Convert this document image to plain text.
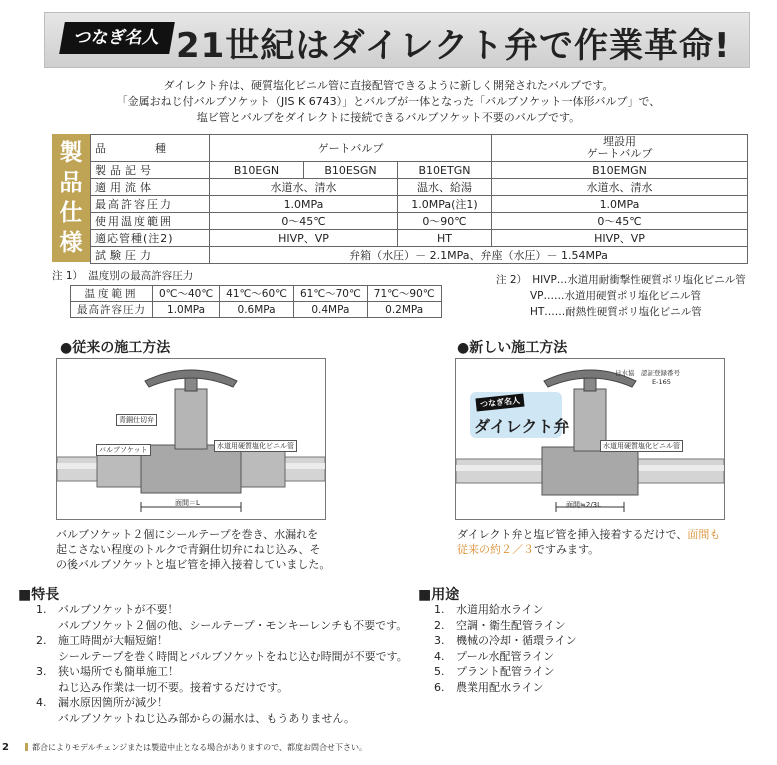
つなぎ名人 21世紀はダイレクト弁で作業革命!
ダイレクト弁は、硬質塩化ビニル管に直接配管できるように新しく開発されたバルブです。
「金属おねじ付バルブソケット（JIS K 6743）」とバルブが一体となった「バルブソケット一体形バルブ」で、
塩ビ管とバルブをダイレクトに接続できるバルブソケット不要のバルブです。
製
品
仕
様
品　　　種	ゲートバルブ			埋設用
ゲートバルブ

製品記号	B10EGN	B10ESGN	B10ETGN	B10EMGN
適用流体	水道水、清水		温水、給湯	水道水、清水
最高許容圧力	1.0MPa		1.0MPa(注1)	1.0MPa
使用温度範囲	0～45℃		0～90℃	0～45℃
適応管種(注2)	HIVP、VP		HT	HIVP、VP
試験圧力	弁箱（水圧）－ 2.1MPa、弁座（水圧）－ 1.54MPa			
注 1）　温度別の最高許容圧力
温度範囲	0℃～40℃	41℃～60℃	61℃～70℃	71℃～90℃
最高許容圧力	1.0MPa	0.6MPa	0.4MPa	0.2MPa
注 2）　HIVP…水道用耐衝撃性硬質ポリ塩化ビニル管
VP……水道用硬質ポリ塩化ビニル管
HT……耐熱性硬質ポリ塩化ビニル管
●従来の施工方法
青銅仕切弁
バルブソケット	水道用硬質塩化ビニル管
面間＝L
バルブソケット２個にシールテープを巻き、水漏れを
起こさない程度のトルクで青銅仕切弁にねじ込み、そ
の後バルブソケットと塩ビ管を挿入接着していました。
●新しい施工方法
日水協　認証登録番号
E-165
つなぎ名人
ダイレクト弁
水道用硬質塩化ビニル管
面間≒2/3L
ダイレクト弁と塩ビ管を挿入接着するだけで、面間も
従来の約２／３ですみます。
■特長
1. バルブソケットが不要！
バルブソケット２個の他、シールテープ・モンキーレンチも不要です。
2. 施工時間が大幅短縮！
シールテープを巻く時間とバルブソケットをねじ込む時間が不要です。
3. 狭い場所でも簡単施工！
ねじ込み作業は一切不要。接着するだけです。
4. 漏水原因箇所が減少！
バルブソケットねじ込み部からの漏水は、もうありません。
■用途
1. 水道用給水ライン
2. 空調・衛生配管ライン
3. 機械の冷却・循環ライン
4. プール水配管ライン
5. プラント配管ライン
6. 農業用配水ライン
2	都合によりモデルチェンジまたは製造中止となる場合がありますので、都度お問合せ下さい。
